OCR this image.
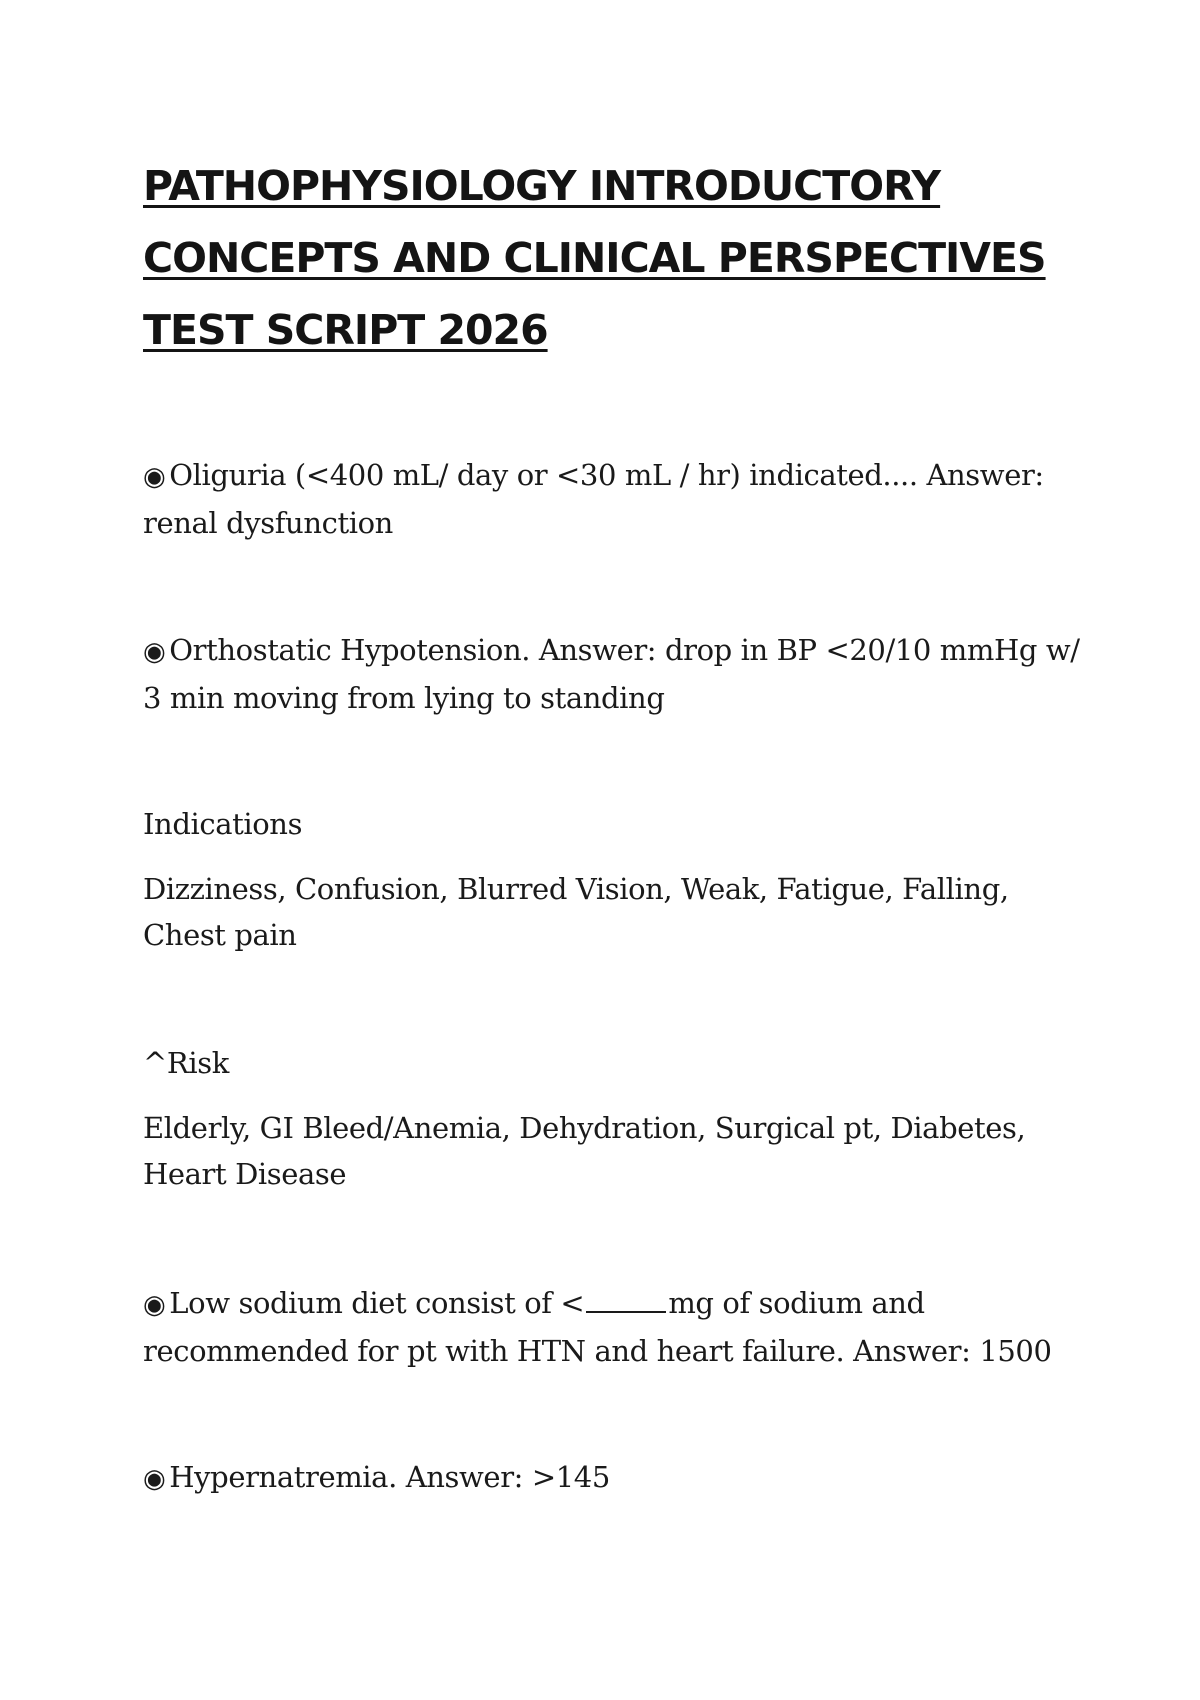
PATHOPHYSIOLOGY INTRODUCTORY
CONCEPTS AND CLINICAL PERSPECTIVES
TEST SCRIPT 2026

◉ Oliguria (<400 mL/ day or <30 mL / hr) indicated.... Answer: renal dysfunction

◉ Orthostatic Hypotension. Answer: drop in BP <20/10 mmHg w/ 3 min moving from lying to standing

Indications

Dizziness, Confusion, Blurred Vision, Weak, Fatigue, Falling, Chest pain

^Risk

Elderly, GI Bleed/Anemia, Dehydration, Surgical pt, Diabetes, Heart Disease

◉ Low sodium diet consist of <	mg of sodium and recommended for pt with HTN and heart failure. Answer: 1500

◉ Hypernatremia. Answer: >145
